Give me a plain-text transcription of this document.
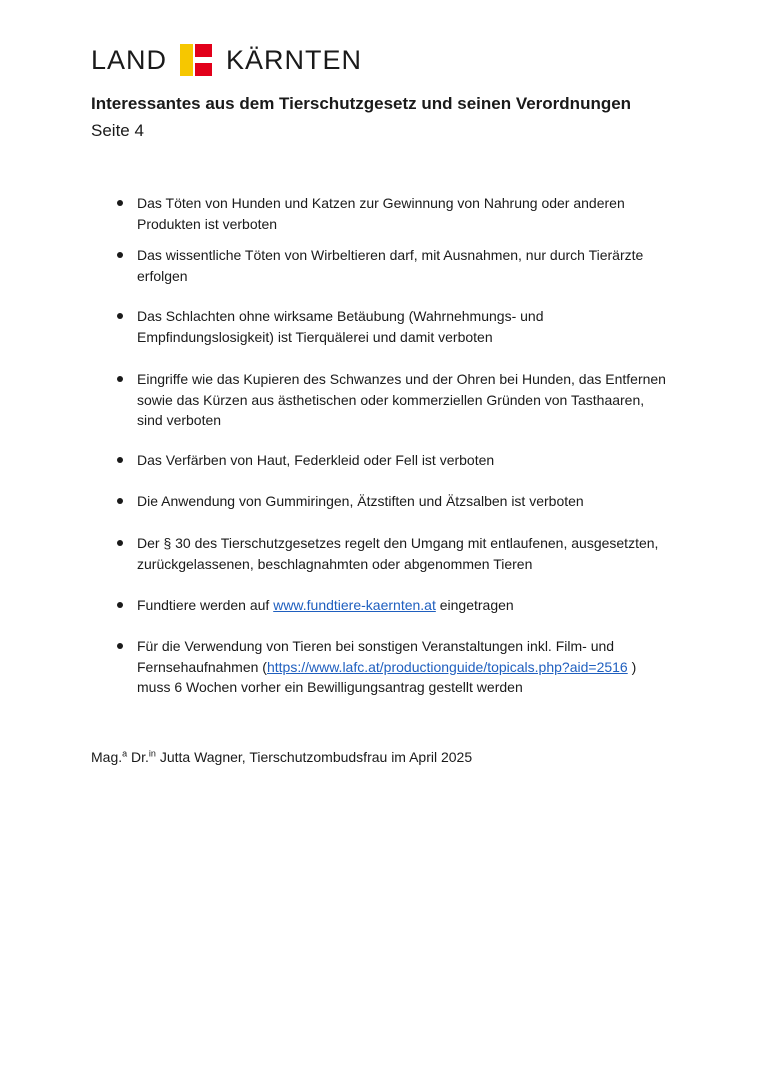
LAND KÄRNTEN
Interessantes aus dem Tierschutzgesetz und seinen Verordnungen
Seite 4
Das Töten von Hunden und Katzen zur Gewinnung von Nahrung oder anderen
Produkten ist verboten
Das wissentliche Töten von Wirbeltieren darf, mit Ausnahmen, nur durch Tierärzte
erfolgen
Das Schlachten ohne wirksame Betäubung (Wahrnehmungs- und
Empfindungslosigkeit) ist Tierquälerei und damit verboten
Eingriffe wie das Kupieren des Schwanzes und der Ohren bei Hunden, das Entfernen
sowie das Kürzen aus ästhetischen oder kommerziellen Gründen von Tasthaaren,
sind verboten
Das Verfärben von Haut, Federkleid oder Fell ist verboten
Die Anwendung von Gummiringen, Ätzstiften und Ätzsalben ist verboten
Der § 30 des Tierschutzgesetzes regelt den Umgang mit entlaufenen, ausgesetzten,
zurückgelassenen, beschlagnahmten oder abgenommen Tieren
Fundtiere werden auf www.fundtiere-kaernten.at eingetragen
Für die Verwendung von Tieren bei sonstigen Veranstaltungen inkl. Film- und
Fernsehaufnahmen (https://www.lafc.at/productionguide/topicals.php?aid=2516 )
muss 6 Wochen vorher ein Bewilligungsantrag gestellt werden
Mag.$^a$ Dr.$^{in}$ Jutta Wagner, Tierschutzombudsfrau im April 2025
